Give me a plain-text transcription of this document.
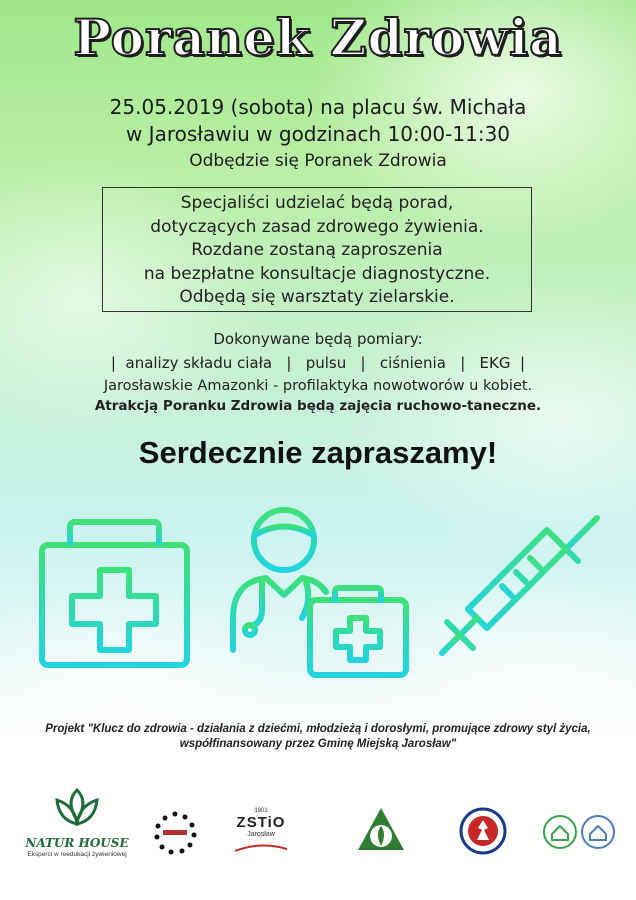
Poranek Zdrowia
25.05.2019 (sobota) na placu św. Michała
w Jarosławiu w godzinach 10:00-11:30
Odbędzie się Poranek Zdrowia
Specjaliści udzielać będą porad,
dotyczących zasad zdrowego żywienia.
Rozdane zostaną zaproszenia
na bezpłatne konsultacje diagnostyczne.
Odbędą się warsztaty zielarskie.
Dokonywane będą pomiary:
|  analizy składu ciała   |   pulsu   |   ciśnienia   |   EKG  |
Jarosławskie Amazonki - profilaktyka nowotworów u kobiet.
Atrakcją Poranku Zdrowia będą zajęcia ruchowo-taneczne.
Serdecznie zapraszamy!
Projekt "Klucz do zdrowia - działania z dziećmi, młodzieżą i dorosłymi, promujące zdrowy styl życia,
współfinansowany przez Gminę Miejską Jarosław"
NATUR HOUSE
Eksperci w reedukacji żywieniowej
1901
ZSTiO
Jarosław
